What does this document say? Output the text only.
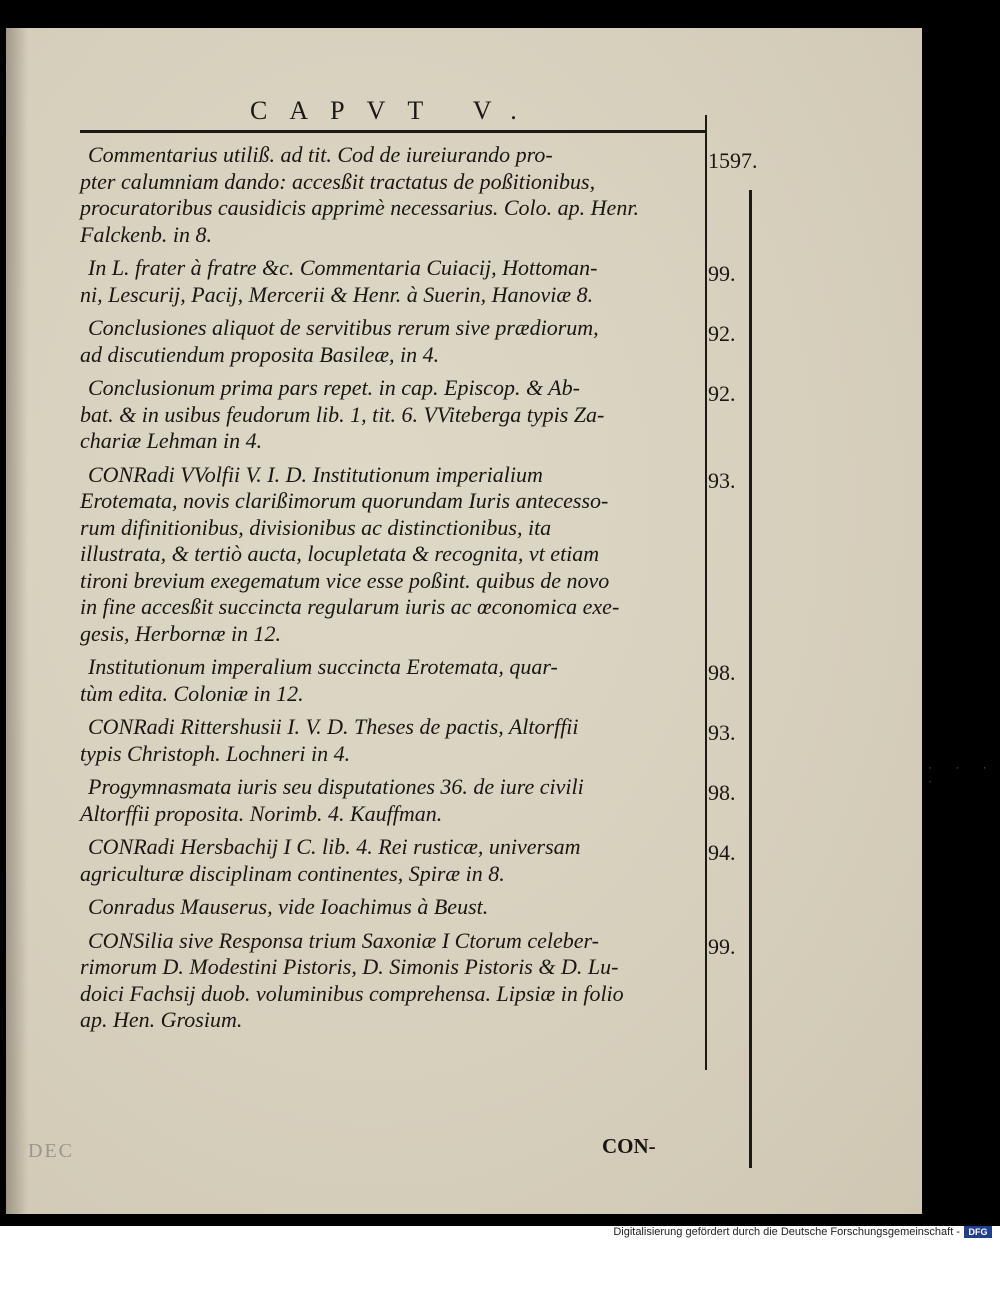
CAPVT V.

Commentarius utiliß. ad tit. Cod de iureiurando pro-
pter calumniam dando: accesßit tractatus de poßitionibus,
procuratoribus causidicis apprimè necessarius. Colo. ap. Henr.
Falckenb. in 8.

1597.

In L. frater à fratre &c. Commentaria Cuiacij, Hottoman-
ni, Lescurij, Pacij, Mercerii & Henr. à Suerin, Hanoviæ 8.

99.

Conclusiones aliquot de servitibus rerum sive prædiorum,
ad discutiendum proposita Basileæ, in 4.

92.

Conclusionum prima pars repet. in cap. Episcop. & Ab-
bat. & in usibus feudorum lib. 1, tit. 6. VViteberga typis Za-
chariæ Lehman in 4.

92.

CONRadi VVolfii V. I. D. Institutionum imperialium
Erotemata, novis clarißimorum quorundam Iuris antecesso-
rum difinitionibus, divisionibus ac distinctionibus, ita
illustrata, & tertiò aucta, locupletata & recognita, vt etiam
tironi brevium exegematum vice esse poßint. quibus de novo
in fine accesßit succincta regularum iuris ac œconomica exe-
gesis, Herbornæ in 12.

93.

Institutionum imperalium succincta Erotemata, quar-
tùm edita. Coloniæ in 12.

98.

CONRadi Rittershusii I. V. D. Theses de pactis, Altorffii
typis Christoph. Lochneri in 4.

93.

Progymnasmata iuris seu disputationes 36. de iure civili
Altorffii proposita. Norimb. 4. Kauffman.

98.

CONRadi Hersbachij I C. lib. 4. Rei rusticæ, universam
agriculturæ disciplinam continentes, Spiræ in 8.

94.

Conradus Mauserus, vide Ioachimus à Beust.

CONSilia sive Responsa trium Saxoniæ I Ctorum celeber-
rimorum D. Modestini Pistoris, D. Simonis Pistoris & D. Lu-
doici Fachsij duob. voluminibus comprehensa. Lipsiæ in folio
ap. Hen. Grosium.

99.
DEC	CON-
· · · ·
Digitalisierung gefördert durch die Deutsche Forschungsgemeinschaft - DFG
